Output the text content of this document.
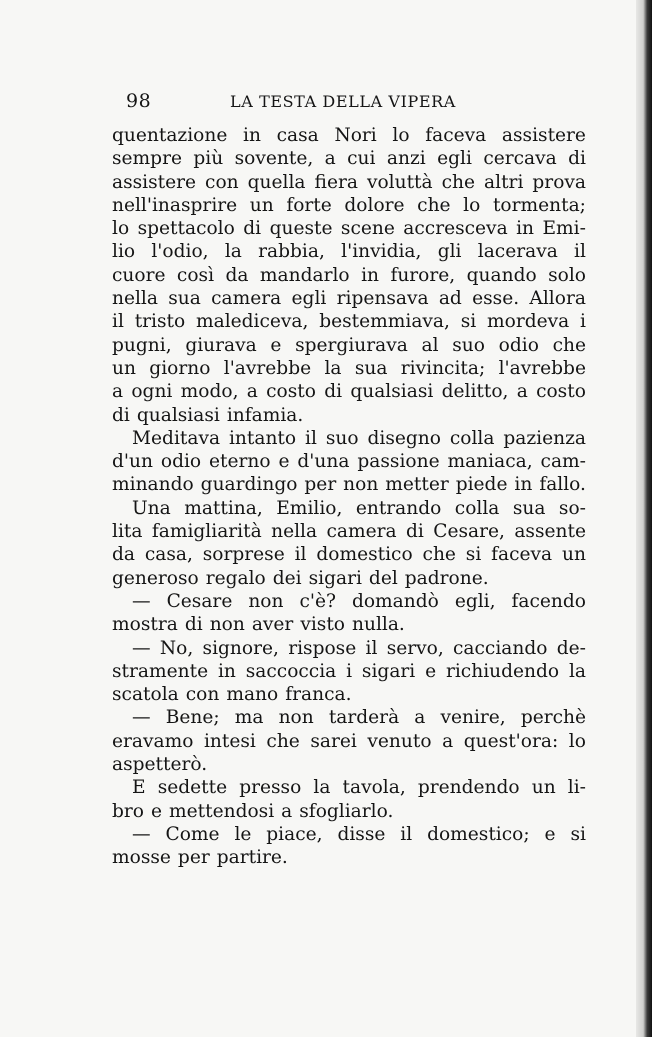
98	LA TESTA DELLA VIPERA
quentazione in casa Nori lo faceva assistere
sempre più sovente, a cui anzi egli cercava di
assistere con quella fiera voluttà che altri prova
nell'inasprire un forte dolore che lo tormenta;
lo spettacolo di queste scene accresceva in Emi-
lio l'odio, la rabbia, l'invidia, gli lacerava il
cuore così da mandarlo in furore, quando solo
nella sua camera egli ripensava ad esse. Allora
il tristo malediceva, bestemmiava, si mordeva i
pugni, giurava e spergiurava al suo odio che
un giorno l'avrebbe la sua rivincita; l'avrebbe
a ogni modo, a costo di qualsiasi delitto, a costo
di qualsiasi infamia.
Meditava intanto il suo disegno colla pazienza
d'un odio eterno e d'una passione maniaca, cam-
minando guardingo per non metter piede in fallo.
Una mattina, Emilio, entrando colla sua so-
lita famigliarità nella camera di Cesare, assente
da casa, sorprese il domestico che si faceva un
generoso regalo dei sigari del padrone.
— Cesare non c'è? domandò egli, facendo
mostra di non aver visto nulla.
— No, signore, rispose il servo, cacciando de-
stramente in saccoccia i sigari e richiudendo la
scatola con mano franca.
— Bene; ma non tarderà a venire, perchè
eravamo intesi che sarei venuto a quest'ora: lo
aspetterò.
E sedette presso la tavola, prendendo un li-
bro e mettendosi a sfogliarlo.
— Come le piace, disse il domestico; e si
mosse per partire.
